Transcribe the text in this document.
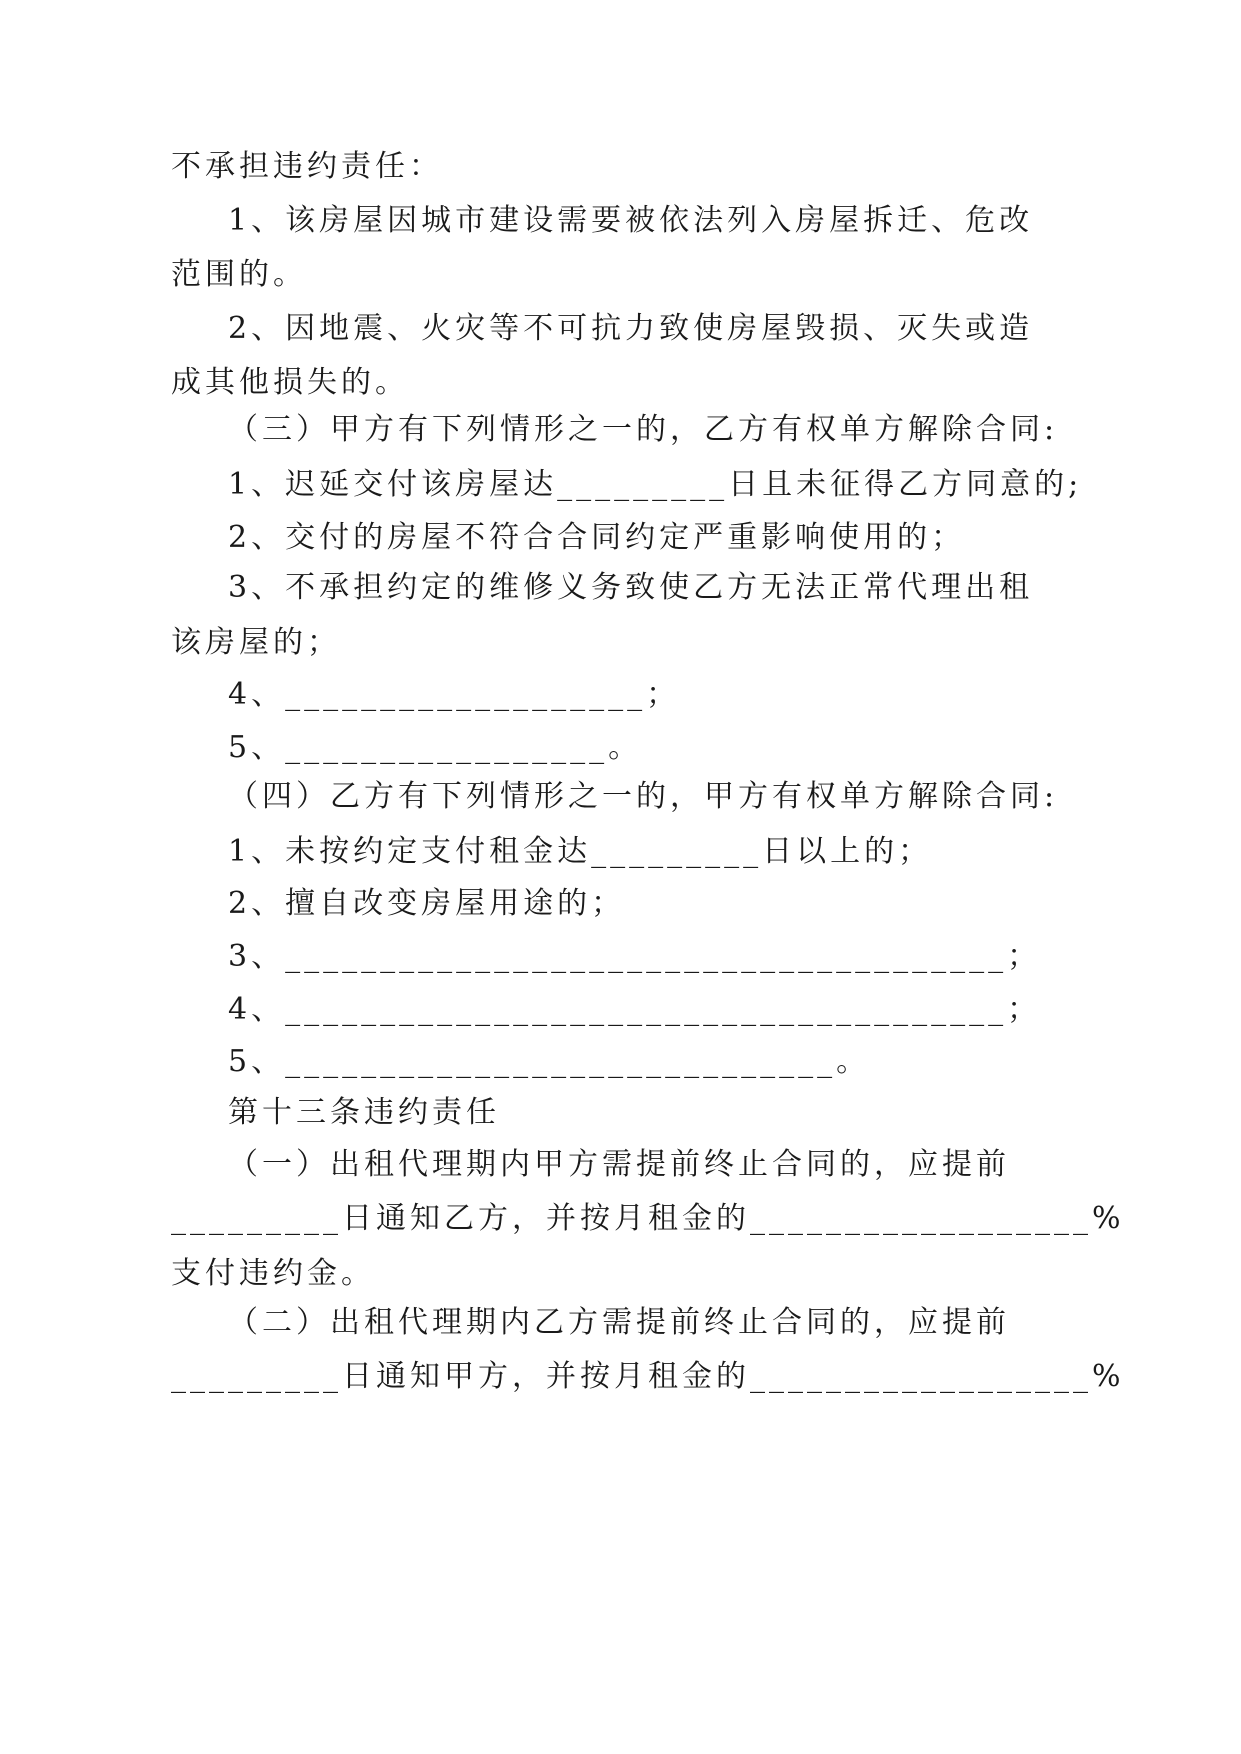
不承担违约责任：
1、该房屋因城市建设需要被依法列入房屋拆迁、危改
范围的。
2、因地震、火灾等不可抗力致使房屋毁损、灭失或造
成其他损失的。
（三）甲方有下列情形之一的，乙方有权单方解除合同:
1、迟延交付该房屋达_________日且未征得乙方同意的;
2、交付的房屋不符合合同约定严重影响使用的；
3、不承担约定的维修义务致使乙方无法正常代理出租
该房屋的；
4、___________________；
5、_________________。
（四）乙方有下列情形之一的，甲方有权单方解除合同:
1、未按约定支付租金达_________日以上的；
2、擅自改变房屋用途的；
3、______________________________________；
4、______________________________________；
5、_____________________________。
第十三条违约责任
（一）出租代理期内甲方需提前终止合同的，应提前
_________日通知乙方，并按月租金的__________________%
支付违约金。
（二）出租代理期内乙方需提前终止合同的，应提前
_________日通知甲方，并按月租金的__________________%
